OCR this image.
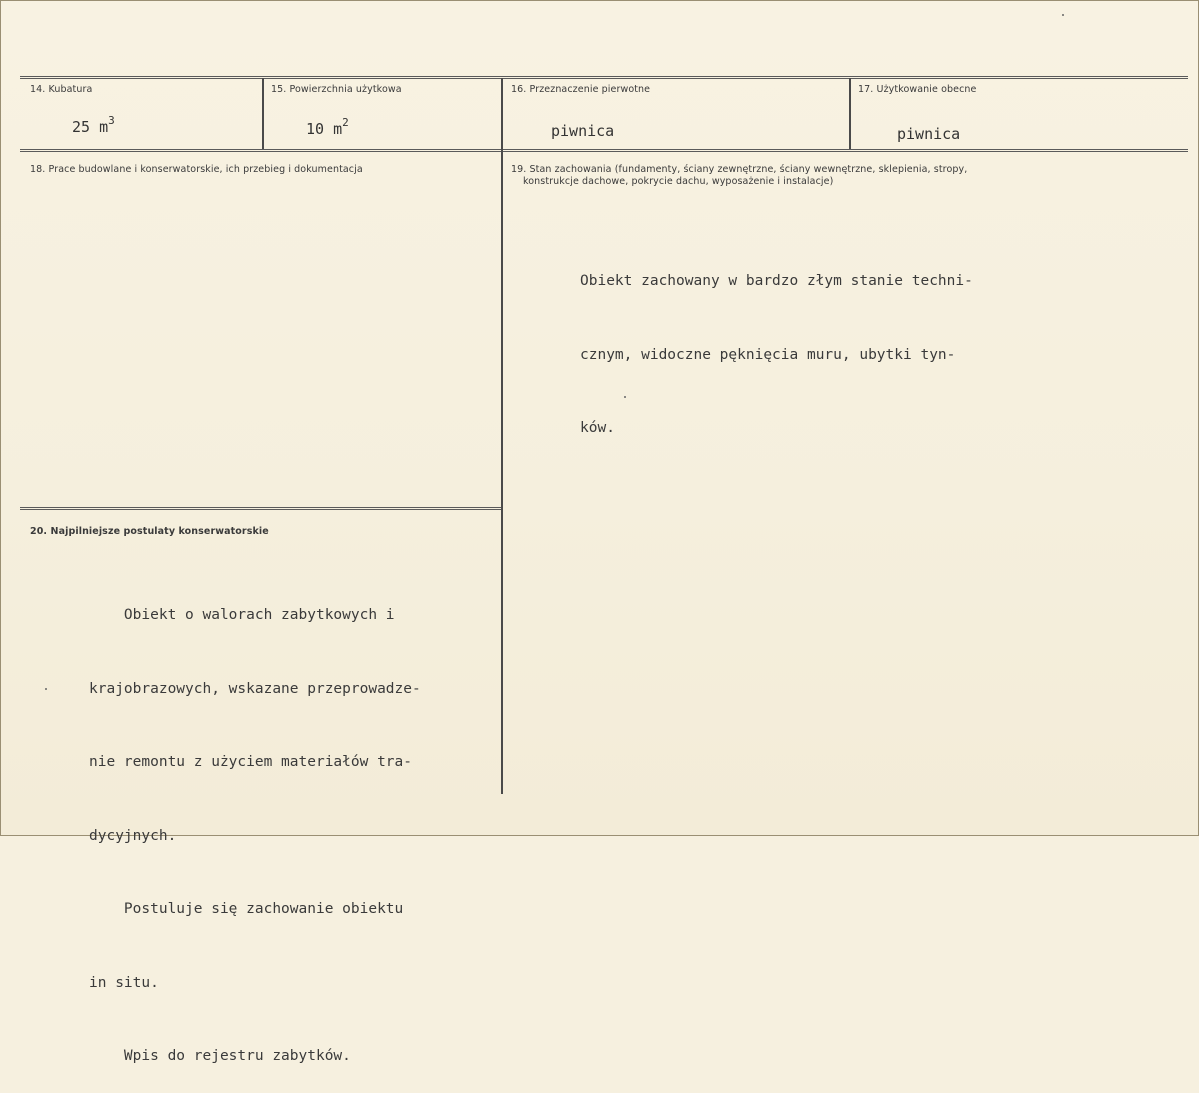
14. Kubatura
25 $m^3$
15. Powierzchnia użytkowa
10 $m^2$
16. Przeznaczenie pierwotne
piwnica
17. Użytkowanie obecne
piwnica
18. Prace budowlane i konserwatorskie, ich przebieg i dokumentacja	19. Stan zachowania (fundamenty, ściany zewnętrzne, ściany wewnętrzne, sklepienia, stropy,
konstrukcje dachowe, pokrycie dachu, wyposażenie i instalacje)

Obiekt zachowany w bardzo złym stanie techni-

cznym, widoczne pęknięcia muru, ubytki tyn-

ków.

20. Najpilniejsze postulaty konserwatorskie

Obiekt o walorach zabytkowych i

krajobrazowych, wskazane przeprowadze-

nie remontu z użyciem materiałów tra-

dycyjnych.

Postuluje się zachowanie obiektu

in situ.

Wpis do rejestru zabytków.
